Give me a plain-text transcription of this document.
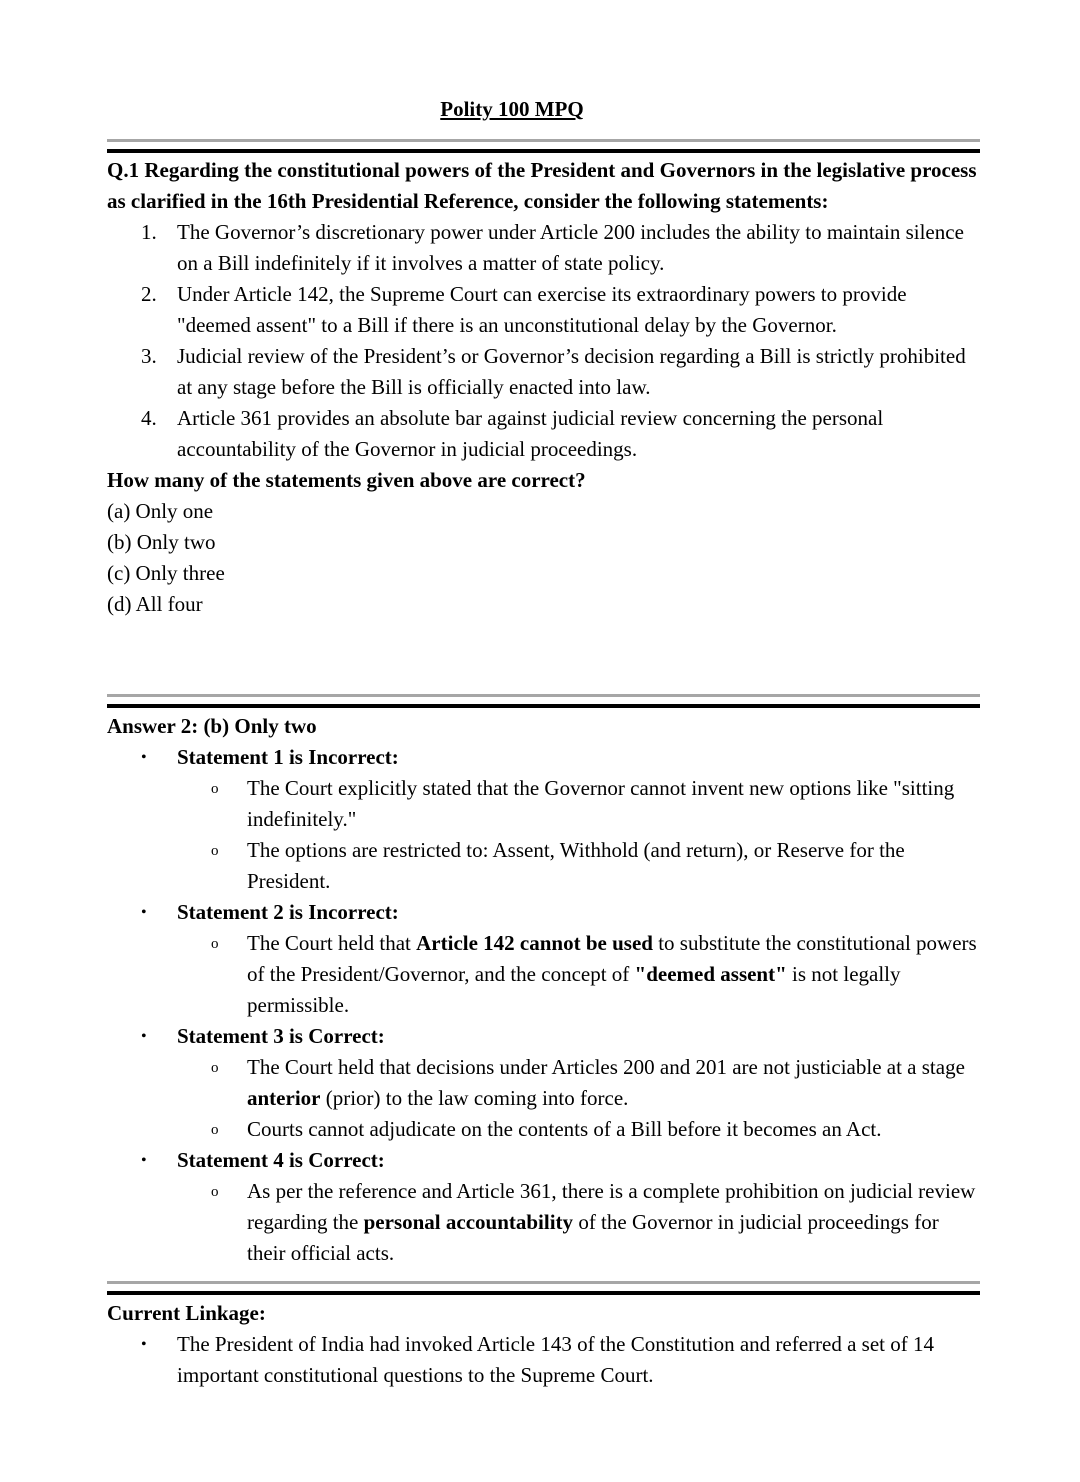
Polity 100 MPQ

Q.1 Regarding the constitutional powers of the President and Governors in the legislative process as clarified in the 16th Presidential Reference, consider the following statements:

1. The Governor’s discretionary power under Article 200 includes the ability to maintain silence on a Bill indefinitely if it involves a matter of state policy.
2. Under Article 142, the Supreme Court can exercise its extraordinary powers to provide "deemed assent" to a Bill if there is an unconstitutional delay by the Governor.
3. Judicial review of the President’s or Governor’s decision regarding a Bill is strictly prohibited at any stage before the Bill is officially enacted into law.
4. Article 361 provides an absolute bar against judicial review concerning the personal accountability of the Governor in judicial proceedings.

How many of the statements given above are correct?

(a) Only one

(b) Only two

(c) Only three

(d) All four

Answer 2: (b) Only two

• Statement 1 is Incorrect:
o The Court explicitly stated that the Governor cannot invent new options like "sitting indefinitely."
o The options are restricted to: Assent, Withhold (and return), or Reserve for the President.
• Statement 2 is Incorrect:
o The Court held that Article 142 cannot be used to substitute the constitutional powers of the President/Governor, and the concept of "deemed assent" is not legally permissible.
• Statement 3 is Correct:
o The Court held that decisions under Articles 200 and 201 are not justiciable at a stage anterior (prior) to the law coming into force.
o Courts cannot adjudicate on the contents of a Bill before it becomes an Act.
• Statement 4 is Correct:
o As per the reference and Article 361, there is a complete prohibition on judicial review regarding the personal accountability of the Governor in judicial proceedings for their official acts.

Current Linkage:

• The President of India had invoked Article 143 of the Constitution and referred a set of 14 important constitutional questions to the Supreme Court.
